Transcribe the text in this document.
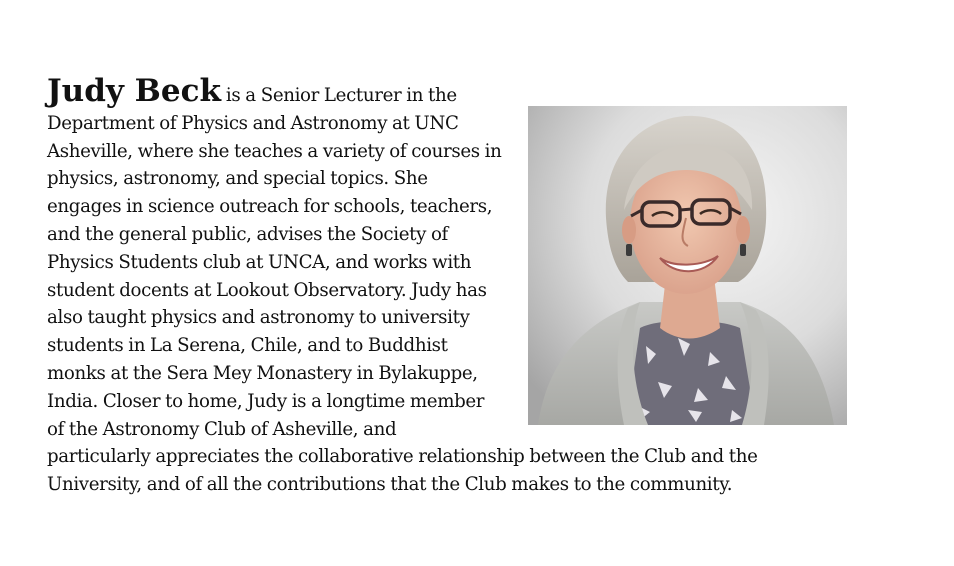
Judy Beck is a Senior Lecturer in the Department of Physics and Astronomy at UNC Asheville, where she teaches a variety of courses in physics, astronomy, and special topics. She engages in science outreach for schools, teachers, and the general public, advises the Society of Physics Students club at UNCA, and works with student docents at Lookout Observatory. Judy has also taught physics and astronomy to university students in La Serena, Chile, and to Buddhist monks at the Sera Mey Monastery in Bylakuppe, India. Closer to home, Judy is a longtime member of the Astronomy Club of Asheville, and particularly appreciates the collaborative relationship between the Club and the University, and of all the contributions that the Club makes to the community.
